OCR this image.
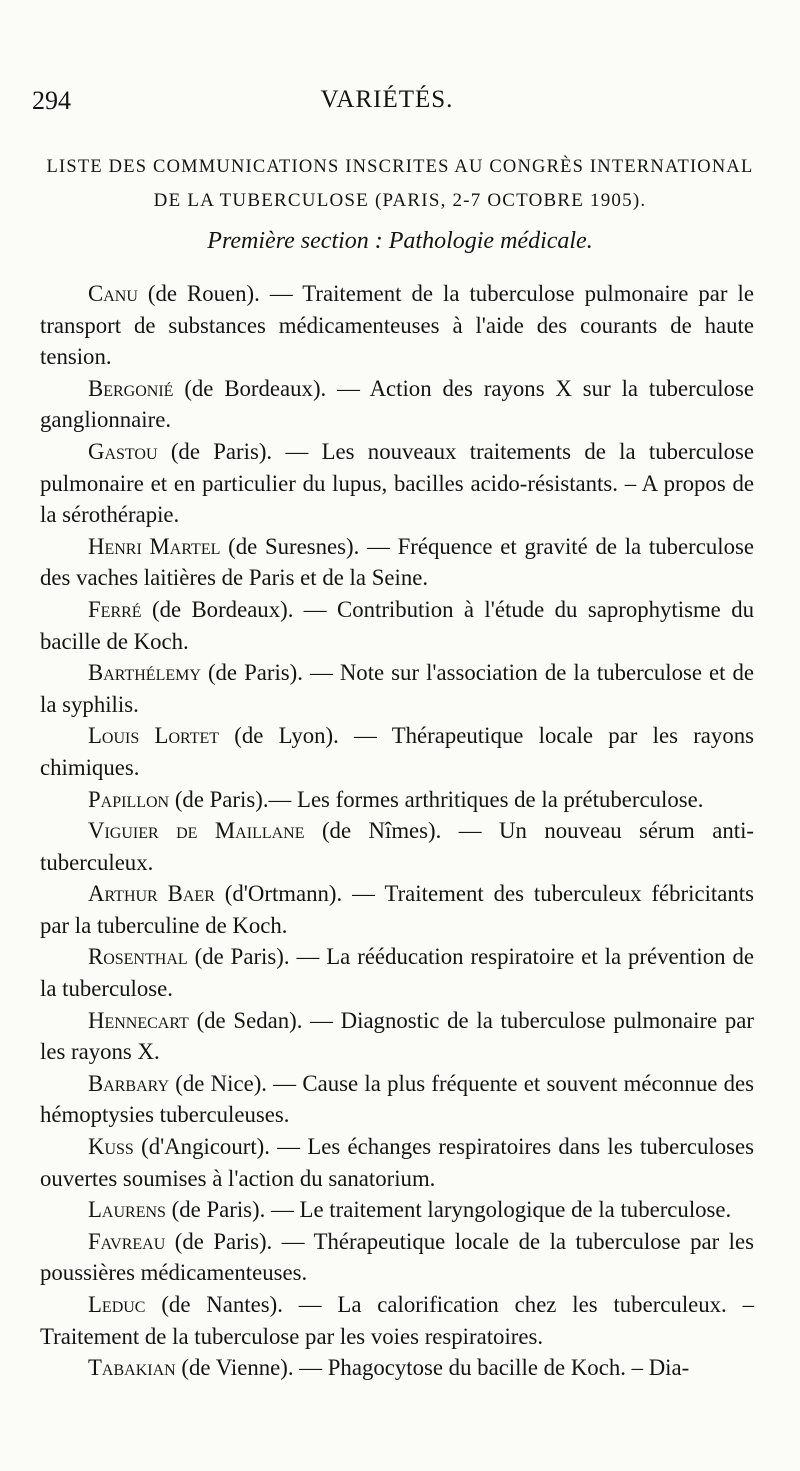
294	VARIÉTÉS.
LISTE DES COMMUNICATIONS INSCRITES AU CONGRÈS INTERNATIONAL
DE LA TUBERCULOSE (PARIS, 2-7 OCTOBRE 1905).
Première section : Pathologie médicale.

Canu (de Rouen). — Traitement de la tuberculose pulmonaire par le transport de substances médicamenteuses à l'aide des courants de haute tension.

Bergonié (de Bordeaux). — Action des rayons X sur la tuberculose ganglionnaire.

Gastou (de Paris). — Les nouveaux traitements de la tuberculose pulmonaire et en particulier du lupus, bacilles acido-résistants. – A propos de la sérothérapie.

Henri Martel (de Suresnes). — Fréquence et gravité de la tuberculose des vaches laitières de Paris et de la Seine.

Ferré (de Bordeaux). — Contribution à l'étude du saprophytisme du bacille de Koch.

Barthélemy (de Paris). — Note sur l'association de la tuberculose et de la syphilis.

Louis Lortet (de Lyon). — Thérapeutique locale par les rayons chimiques.

Papillon (de Paris).— Les formes arthritiques de la prétuberculose.

Viguier de Maillane (de Nîmes). — Un nouveau sérum anti-tuberculeux.

Arthur Baer (d'Ortmann). — Traitement des tuberculeux fébricitants par la tuberculine de Koch.

Rosenthal (de Paris). — La rééducation respiratoire et la prévention de la tuberculose.

Hennecart (de Sedan). — Diagnostic de la tuberculose pulmonaire par les rayons X.

Barbary (de Nice). — Cause la plus fréquente et souvent méconnue des hémoptysies tuberculeuses.

Kuss (d'Angicourt). — Les échanges respiratoires dans les tuberculoses ouvertes soumises à l'action du sanatorium.

Laurens (de Paris). — Le traitement laryngologique de la tuberculose.

Favreau (de Paris). — Thérapeutique locale de la tuberculose par les poussières médicamenteuses.

Leduc (de Nantes). — La calorification chez les tuberculeux. – Traitement de la tuberculose par les voies respiratoires.

Tabakian (de Vienne). — Phagocytose du bacille de Koch. – Dia-
